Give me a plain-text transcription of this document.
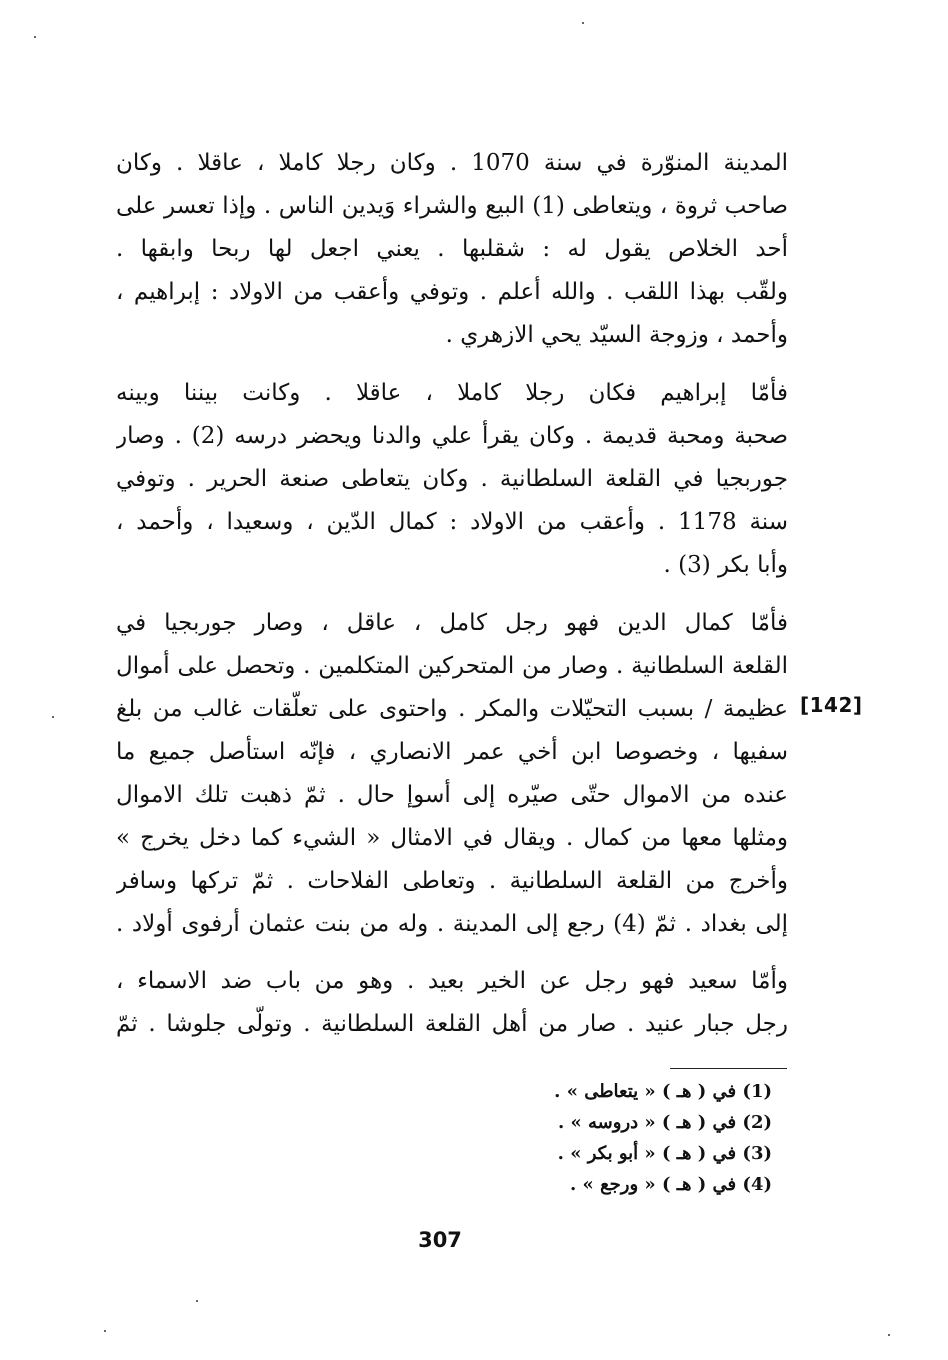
المدينة المنوّرة في سنة 1070 . وكان رجلا كاملا ، عاقلا . وكان
صاحب ثروة ، ويتعاطى (1) البيع والشراء وَيدين الناس . وإذا تعسر على
أحد الخلاص يقول له : شقلبها . يعني اجعل لها ربحا وابقها .
ولقّب بهذا اللقب . والله أعلم . وتوفي وأعقب من الاولاد : إبراهيم ،
وأحمد ، وزوجة السيّد يحي الازهري .
فأمّا إبراهيم فكان رجلا كاملا ، عاقلا . وكانت بيننا وبينه
صحبة ومحبة قديمة . وكان يقرأ علي والدنا ويحضر درسه (2) . وصار
جوربجيا في القلعة السلطانية . وكان يتعاطى صنعة الحرير . وتوفي
سنة 1178 . وأعقب من الاولاد : كمال الدّين ، وسعيدا ، وأحمد ،
وأبا بكر (3) .
فأمّا كمال الدين فهو رجل كامل ، عاقل ، وصار جوربجيا في
القلعة السلطانية . وصار من المتحركين المتكلمين . وتحصل على أموال
عظيمة / بسبب التحيّلات والمكر . واحتوى على تعلّقات غالب من بلغ
سفيها ، وخصوصا ابن أخي عمر الانصاري ، فإنّه استأصل جميع ما
عنده من الاموال حتّى صيّره إلى أسوإ حال . ثمّ ذهبت تلك الاموال
ومثلها معها من كمال . ويقال في الامثال « الشيء كما دخل يخرج »
وأخرج من القلعة السلطانية . وتعاطى الفلاحات . ثمّ تركها وسافر
إلى بغداد . ثمّ (4) رجع إلى المدينة . وله من بنت عثمان أرفوى أولاد .
[142]
وأمّا سعيد فهو رجل عن الخير بعيد . وهو من باب ضد الاسماء ،
رجل جبار عنيد . صار من أهل القلعة السلطانية . وتولّى جلوشا . ثمّ
(1) في ( هـ ) « يتعاطى » .
(2) في ( هـ ) « دروسه » .
(3) في ( هـ ) « أبو بكر » .
(4) في ( هـ ) « ورجع » .
307
